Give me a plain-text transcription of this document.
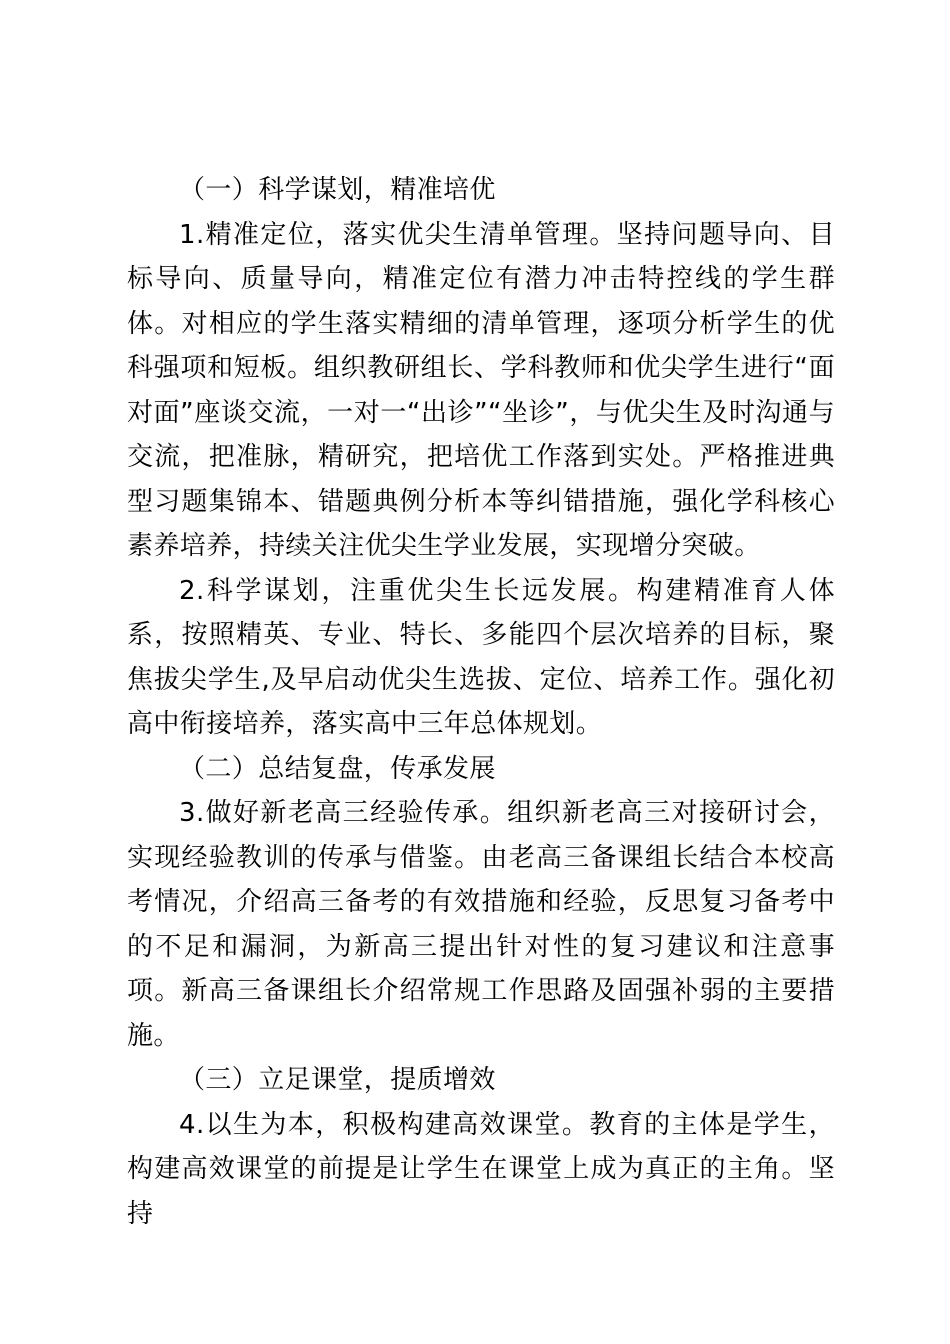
（一）科学谋划，精准培优

1.精准定位，落实优尖生清单管理。坚持问题导向、目标导向、质量导向，精准定位有潜力冲击特控线的学生群体。对相应的学生落实精细的清单管理，逐项分析学生的优科强项和短板。组织教研组长、学科教师和优尖学生进行“面对面”座谈交流，一对一“出诊”“坐诊”，与优尖生及时沟通与交流，把准脉，精研究，把培优工作落到实处。严格推进典型习题集锦本、错题典例分析本等纠错措施，强化学科核心素养培养，持续关注优尖生学业发展，实现增分突破。

2.科学谋划，注重优尖生长远发展。构建精准育人体系，按照精英、专业、特长、多能四个层次培养的目标，聚焦拔尖学生,及早启动优尖生选拔、定位、培养工作。强化初高中衔接培养，落实高中三年总体规划。

（二）总结复盘，传承发展

3.做好新老高三经验传承。组织新老高三对接研讨会，实现经验教训的传承与借鉴。由老高三备课组长结合本校高考情况，介绍高三备考的有效措施和经验，反思复习备考中的不足和漏洞，为新高三提出针对性的复习建议和注意事项。新高三备课组长介绍常规工作思路及固强补弱的主要措施。

（三）立足课堂，提质增效

4.以生为本，积极构建高效课堂。教育的主体是学生，构建高效课堂的前提是让学生在课堂上成为真正的主角。坚持
